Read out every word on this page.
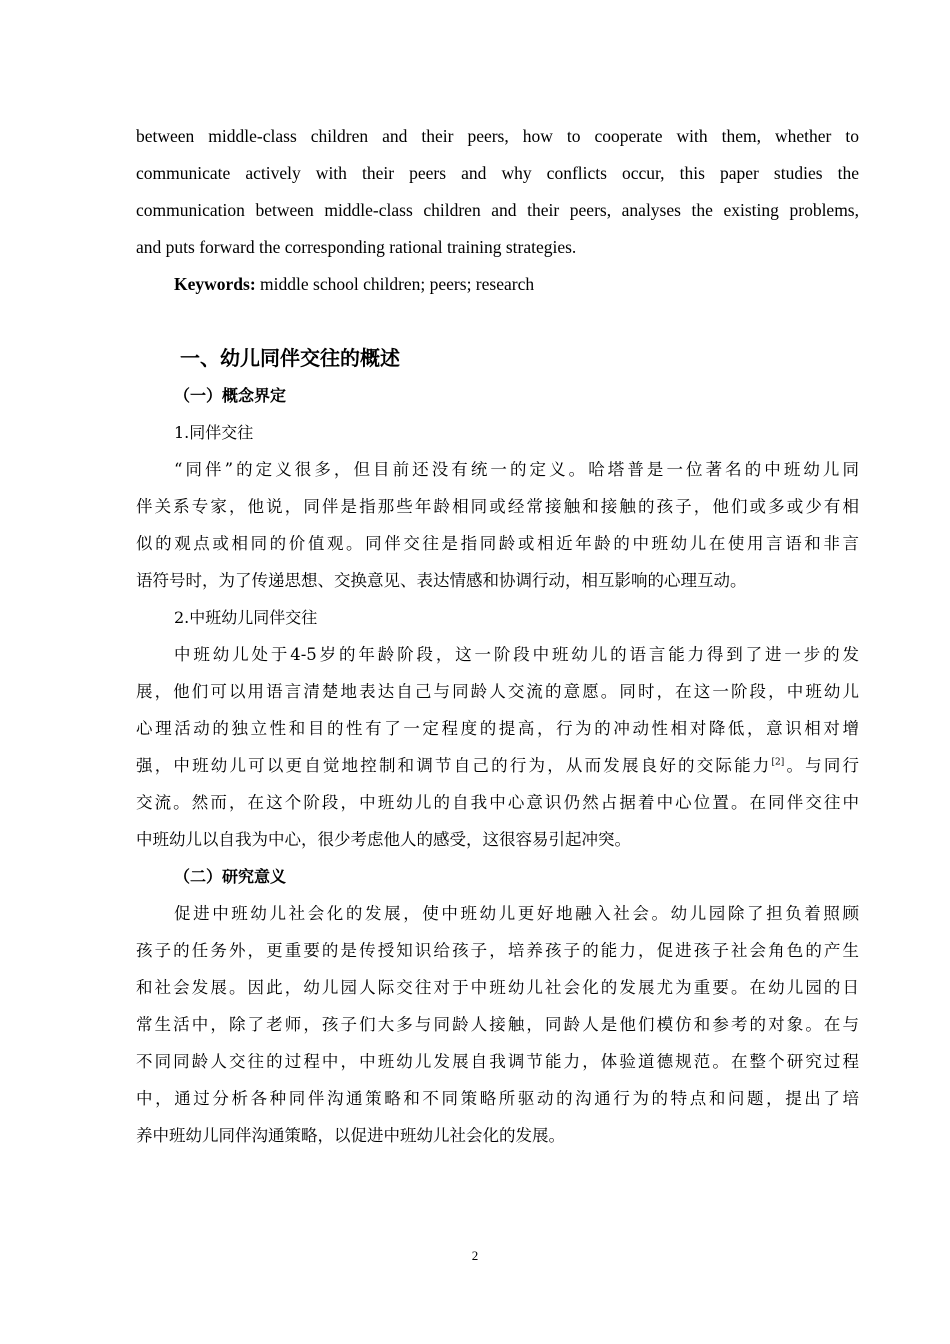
between middle-class children and their peers, how to cooperate with them, whether to
communicate actively with their peers and why conflicts occur, this paper studies the
communication between middle-class children and their peers, analyses the existing problems,
and puts forward the corresponding rational training strategies.

Keywords: middle school children; peers; research

一、幼儿同伴交往的概述
（一）概念界定
1.同伴交往

“同伴”的定义很多，但目前还没有统一的定义。哈塔普是一位著名的中班幼儿同
伴关系专家，他说，同伴是指那些年龄相同或经常接触和接触的孩子，他们或多或少有相
似的观点或相同的价值观。同伴交往是指同龄或相近年龄的中班幼儿在使用言语和非言
语符号时，为了传递思想、交换意见、表达情感和协调行动，相互影响的心理互动。

2.中班幼儿同伴交往

中班幼儿处于4-5岁的年龄阶段，这一阶段中班幼儿的语言能力得到了进一步的发
展，他们可以用语言清楚地表达自己与同龄人交流的意愿。同时，在这一阶段，中班幼儿
心理活动的独立性和目的性有了一定程度的提高，行为的冲动性相对降低，意识相对增
强，中班幼儿可以更自觉地控制和调节自己的行为，从而发展良好的交际能力[2]。与同行
交流。然而，在这个阶段，中班幼儿的自我中心意识仍然占据着中心位置。在同伴交往中
中班幼儿以自我为中心，很少考虑他人的感受，这很容易引起冲突。

（二）研究意义

促进中班幼儿社会化的发展，使中班幼儿更好地融入社会。幼儿园除了担负着照顾
孩子的任务外，更重要的是传授知识给孩子，培养孩子的能力，促进孩子社会角色的产生
和社会发展。因此，幼儿园人际交往对于中班幼儿社会化的发展尤为重要。在幼儿园的日
常生活中，除了老师，孩子们大多与同龄人接触，同龄人是他们模仿和参考的对象。在与
不同同龄人交往的过程中，中班幼儿发展自我调节能力，体验道德规范。在整个研究过程
中，通过分析各种同伴沟通策略和不同策略所驱动的沟通行为的特点和问题，提出了培
养中班幼儿同伴沟通策略，以促进中班幼儿社会化的发展。

2
